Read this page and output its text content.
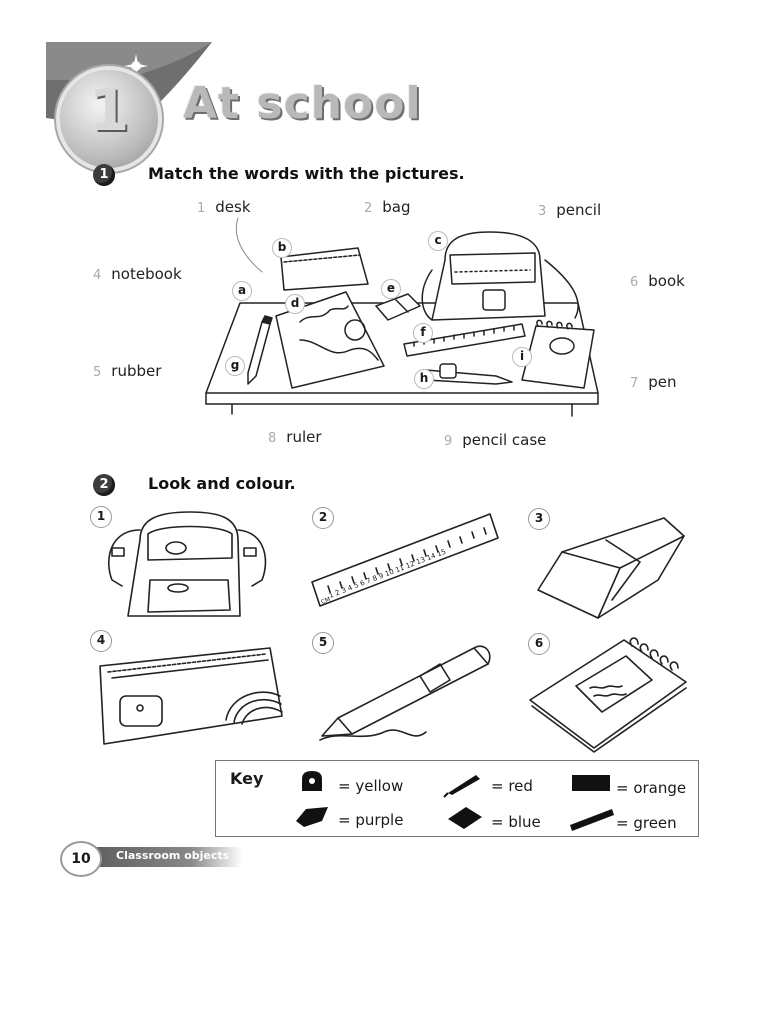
1	At school
1	Match the words with the pictures.
1 desk	2 bag	3 pencil
4 notebook
5 rubber
6 book
7 pen
8 ruler	9 pencil case
a
b	c
d
e
f
g
h
i
2	Look and colour.
1	2	3
4	5	6
1 2 3 4 5 6 7 8 9 10 11 12 13 14 15
CM
Key	= yellow	= red	= orange
= purple	= blue	= green
Classroom objects
10
